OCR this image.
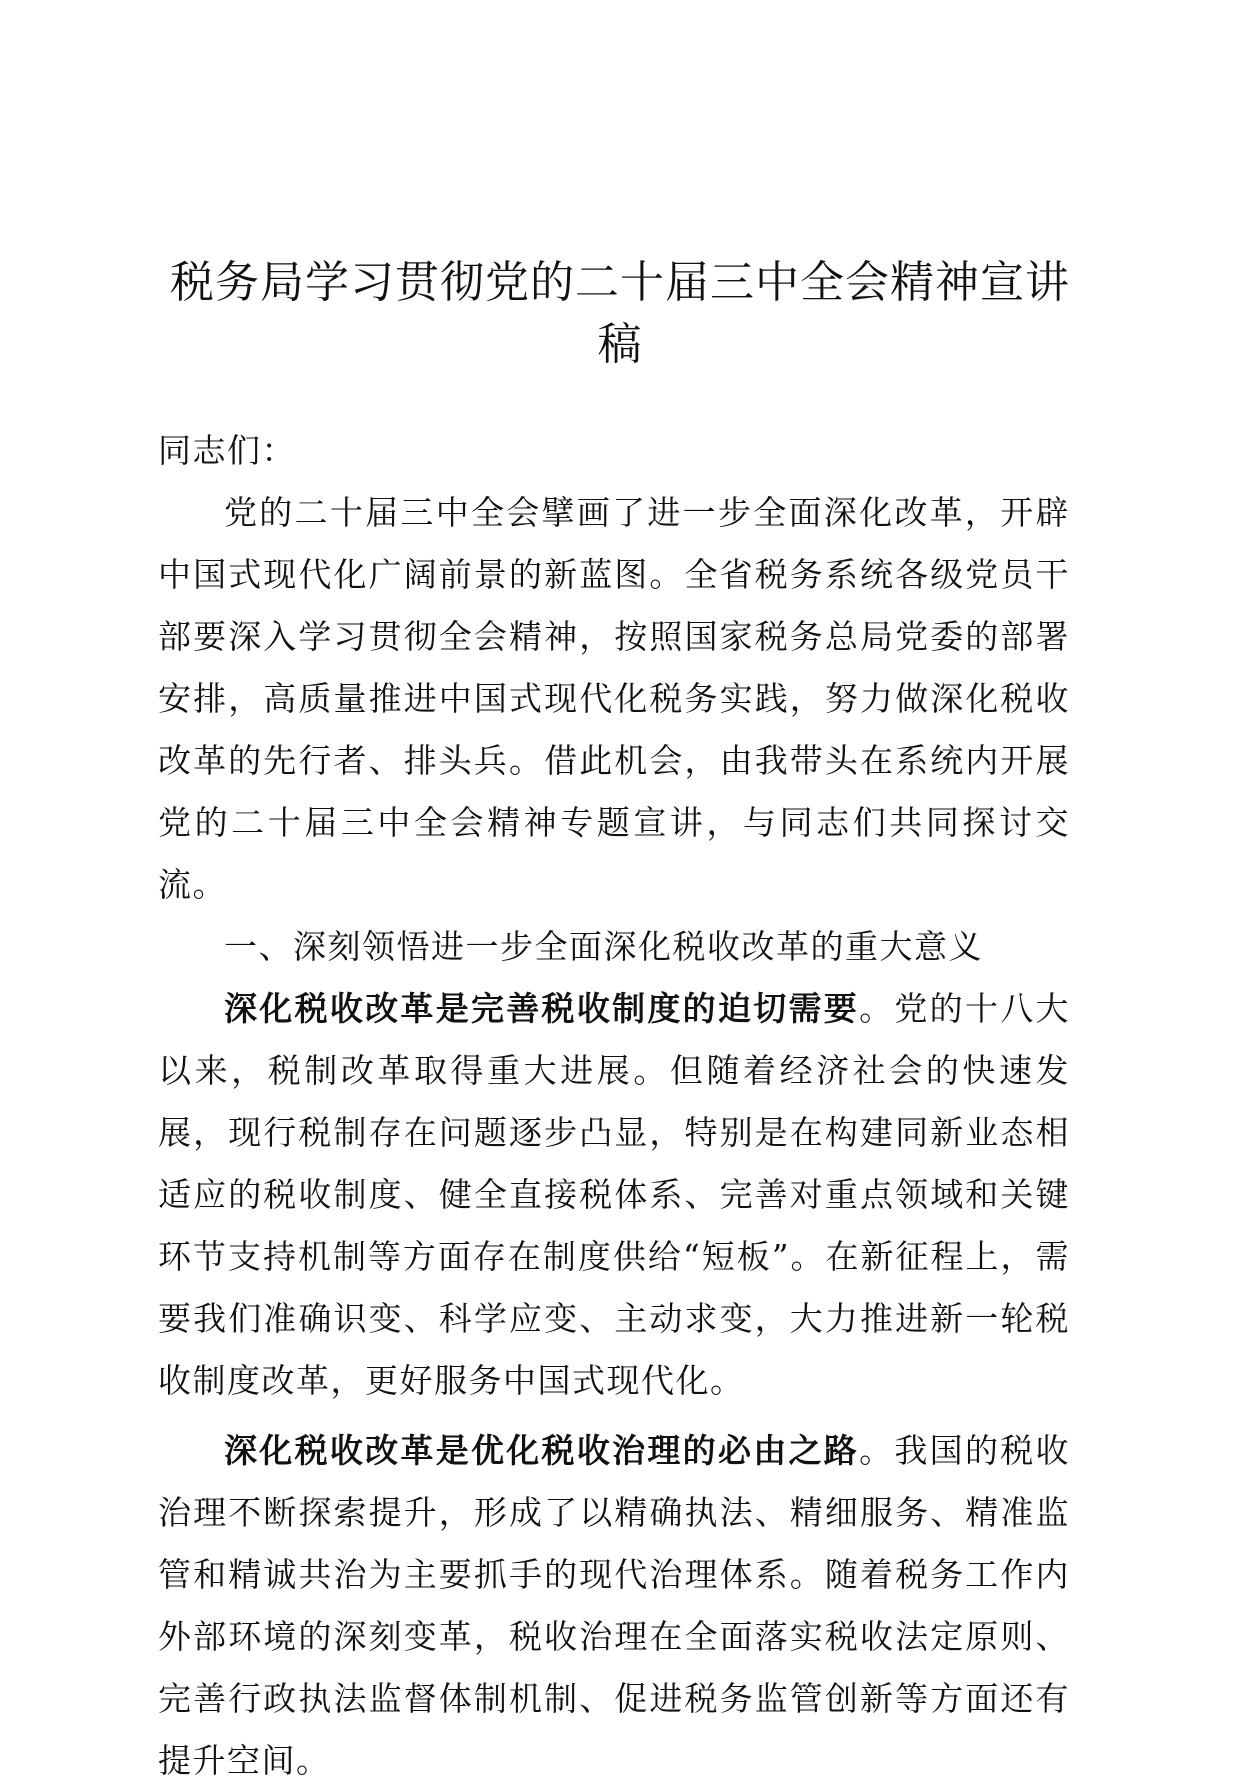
税务局学习贯彻党的二十届三中全会精神宣讲稿

同志们：

党的二十届三中全会擘画了进一步全面深化改革，开辟中国式现代化广阔前景的新蓝图。全省税务系统各级党员干部要深入学习贯彻全会精神，按照国家税务总局党委的部署安排，高质量推进中国式现代化税务实践，努力做深化税收改革的先行者、排头兵。借此机会，由我带头在系统内开展党的二十届三中全会精神专题宣讲，与同志们共同探讨交流。

一、深刻领悟进一步全面深化税收改革的重大意义

深化税收改革是完善税收制度的迫切需要。党的十八大以来，税制改革取得重大进展。但随着经济社会的快速发展，现行税制存在问题逐步凸显，特别是在构建同新业态相适应的税收制度、健全直接税体系、完善对重点领域和关键环节支持机制等方面存在制度供给“短板”。在新征程上，需要我们准确识变、科学应变、主动求变，大力推进新一轮税收制度改革，更好服务中国式现代化。

深化税收改革是优化税收治理的必由之路。我国的税收治理不断探索提升，形成了以精确执法、精细服务、精准监管和精诚共治为主要抓手的现代治理体系。随着税务工作内外部环境的深刻变革，税收治理在全面落实税收法定原则、完善行政执法监督体制机制、促进税务监管创新等方面还有提升空间。
